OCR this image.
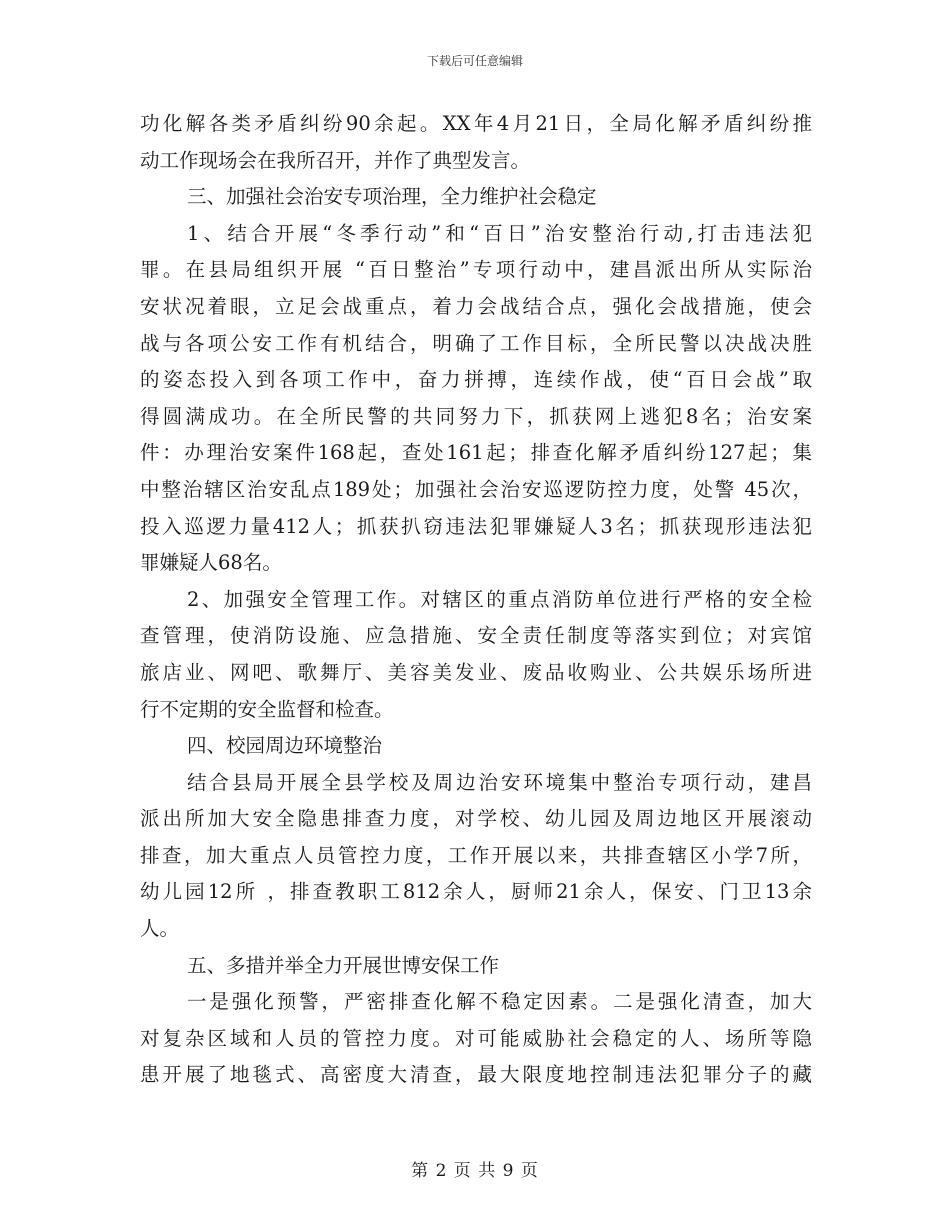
下载后可任意编辑
功化解各类矛盾纠纷90余起。XX年4月21日，全局化解矛盾纠纷推
动工作现场会在我所召开，并作了典型发言。
三、加强社会治安专项治理，全力维护社会稳定
1、结合开展“冬季行动”和“百日”治安整治行动,打击违法犯
罪。在县局组织开展 “百日整治”专项行动中，建昌派出所从实际治
安状况着眼，立足会战重点，着力会战结合点，强化会战措施，使会
战与各项公安工作有机结合，明确了工作目标，全所民警以决战决胜
的姿态投入到各项工作中，奋力拼搏，连续作战，使“百日会战”取
得圆满成功。在全所民警的共同努力下，抓获网上逃犯8名；治安案
件：办理治安案件168起，查处161起；排查化解矛盾纠纷127起；集
中整治辖区治安乱点189处；加强社会治安巡逻防控力度，处警 45次，
投入巡逻力量412人；抓获扒窃违法犯罪嫌疑人3名；抓获现形违法犯
罪嫌疑人68名。
2、加强安全管理工作。对辖区的重点消防单位进行严格的安全检
查管理，使消防设施、应急措施、安全责任制度等落实到位；对宾馆
旅店业、网吧、歌舞厅、美容美发业、废品收购业、公共娱乐场所进
行不定期的安全监督和检查。
四、校园周边环境整治
结合县局开展全县学校及周边治安环境集中整治专项行动，建昌
派出所加大安全隐患排查力度，对学校、幼儿园及周边地区开展滚动
排查，加大重点人员管控力度，工作开展以来，共排查辖区小学7所，
幼儿园12所 ，排查教职工812余人，厨师21余人，保安、门卫13余
人。
五、多措并举全力开展世博安保工作
一是强化预警，严密排查化解不稳定因素。二是强化清查，加大
对复杂区域和人员的管控力度。对可能威胁社会稳定的人、场所等隐
患开展了地毯式、高密度大清查，最大限度地控制违法犯罪分子的藏
第 2 页 共 9 页
